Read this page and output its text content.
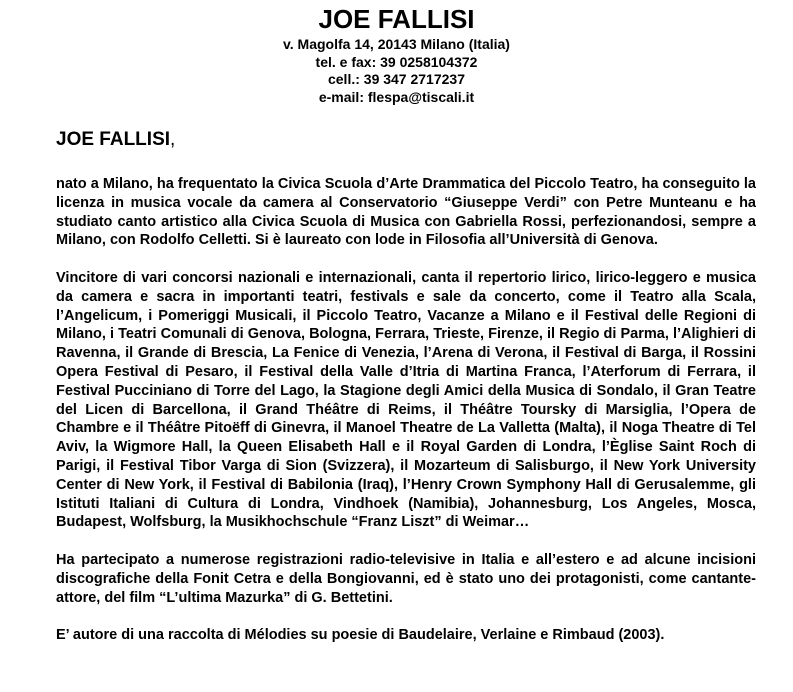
JOE FALLISI

v. Magolfa 14, 20143 Milano (Italia)

tel. e fax: 39 0258104372

cell.: 39 347 2717237

e-mail: flespa@tiscali.it

JOE FALLISI,

nato a Milano, ha frequentato la Civica Scuola d’Arte Drammatica del Piccolo Teatro, ha conseguito la licenza in musica vocale da camera al Conservatorio “Giuseppe Verdi” con Petre Munteanu e ha studiato canto artistico alla Civica Scuola di Musica con Gabriella Rossi, perfezionandosi, sempre a Milano, con Rodolfo Celletti. Si è laureato con lode in Filosofia all’Università di Genova.

Vincitore di vari concorsi nazionali e internazionali, canta il repertorio lirico, lirico-leggero e musica da camera e sacra in importanti teatri, festivals e sale da concerto, come il Teatro alla Scala, l’Angelicum, i Pomeriggi Musicali, il Piccolo Teatro, Vacanze a Milano e il Festival delle Regioni di Milano, i Teatri Comunali di Genova, Bologna, Ferrara, Trieste, Firenze, il Regio di Parma, l’Alighieri di Ravenna, il Grande di Brescia, La Fenice di Venezia, l’Arena di Verona, il Festival di Barga, il Rossini Opera Festival di Pesaro, il Festival della Valle d’Itria di Martina Franca, l’Aterforum di Ferrara, il Festival Pucciniano di Torre del Lago, la Stagione degli Amici della Musica di Sondalo, il Gran Teatre del Licen di Barcellona, il Grand Théâtre di Reims, il Théâtre Toursky di Marsiglia, l’Opera de Chambre e il Théâtre Pitoëff di Ginevra, il Manoel Theatre de La Valletta (Malta), il Noga Theatre di Tel Aviv, la Wigmore Hall, la Queen Elisabeth Hall e il Royal Garden di Londra, l’Èglise Saint Roch di Parigi, il Festival Tibor Varga di Sion (Svizzera), il Mozarteum di Salisburgo, il New York University Center di New York, il Festival di Babilonia (Iraq), l’Henry Crown Symphony Hall di Gerusalemme, gli Istituti Italiani di Cultura di Londra, Vindhoek (Namibia), Johannesburg, Los Angeles, Mosca, Budapest, Wolfsburg, la Musikhochschule “Franz Liszt” di Weimar…

Ha partecipato a numerose registrazioni radio-televisive in Italia e all’estero e ad alcune incisioni discografiche della Fonit Cetra e della Bongiovanni, ed è stato uno dei protagonisti, come cantante-attore, del film “L’ultima Mazurka” di G. Bettetini.

E’ autore di una raccolta di Mélodies su poesie di Baudelaire, Verlaine e Rimbaud (2003).
